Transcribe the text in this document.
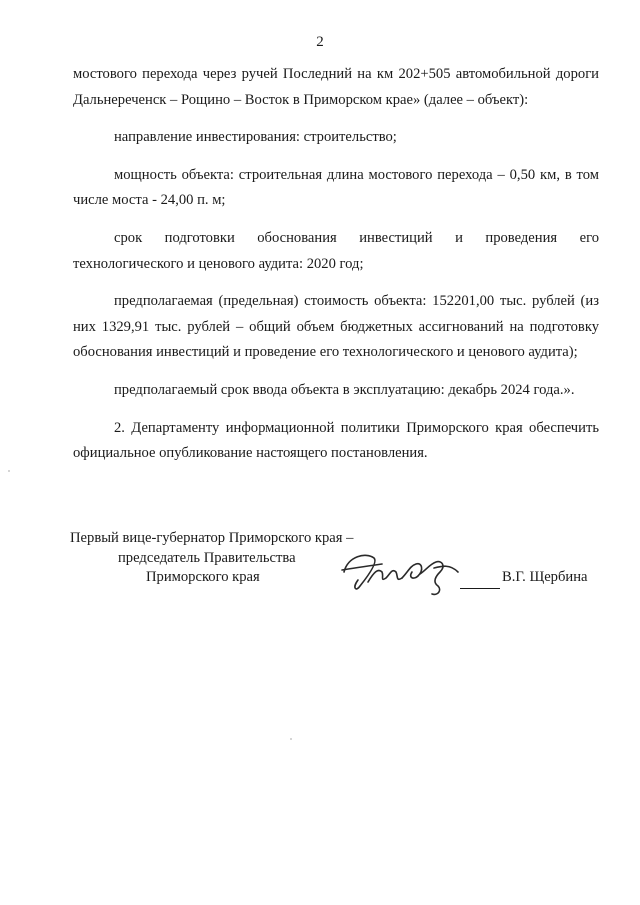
2

мостового перехода через ручей Последний на км 202+505 автомобильной дороги Дальнереченск – Рощино – Восток в Приморском крае» (далее – объект):

направление инвестирования: строительство;

мощность объекта: строительная длина мостового перехода – 0,50 км, в том числе моста - 24,00 п. м;

срок подготовки обоснования инвестиций и проведения его технологического и ценового аудита: 2020 год;

предполагаемая (предельная) стоимость объекта: 152201,00 тыс. рублей (из них 1329,91 тыс. рублей – общий объем бюджетных ассигнований на подготовку обоснования инвестиций и проведение его технологического и ценового аудита);

предполагаемый срок ввода объекта в эксплуатацию: декабрь 2024 года.».

2. Департаменту информационной политики Приморского края обеспечить официальное опубликование настоящего постановления.

Первый вице-губернатор Приморского края –
председатель Правительства
Приморского края	В.Г. Щербина
